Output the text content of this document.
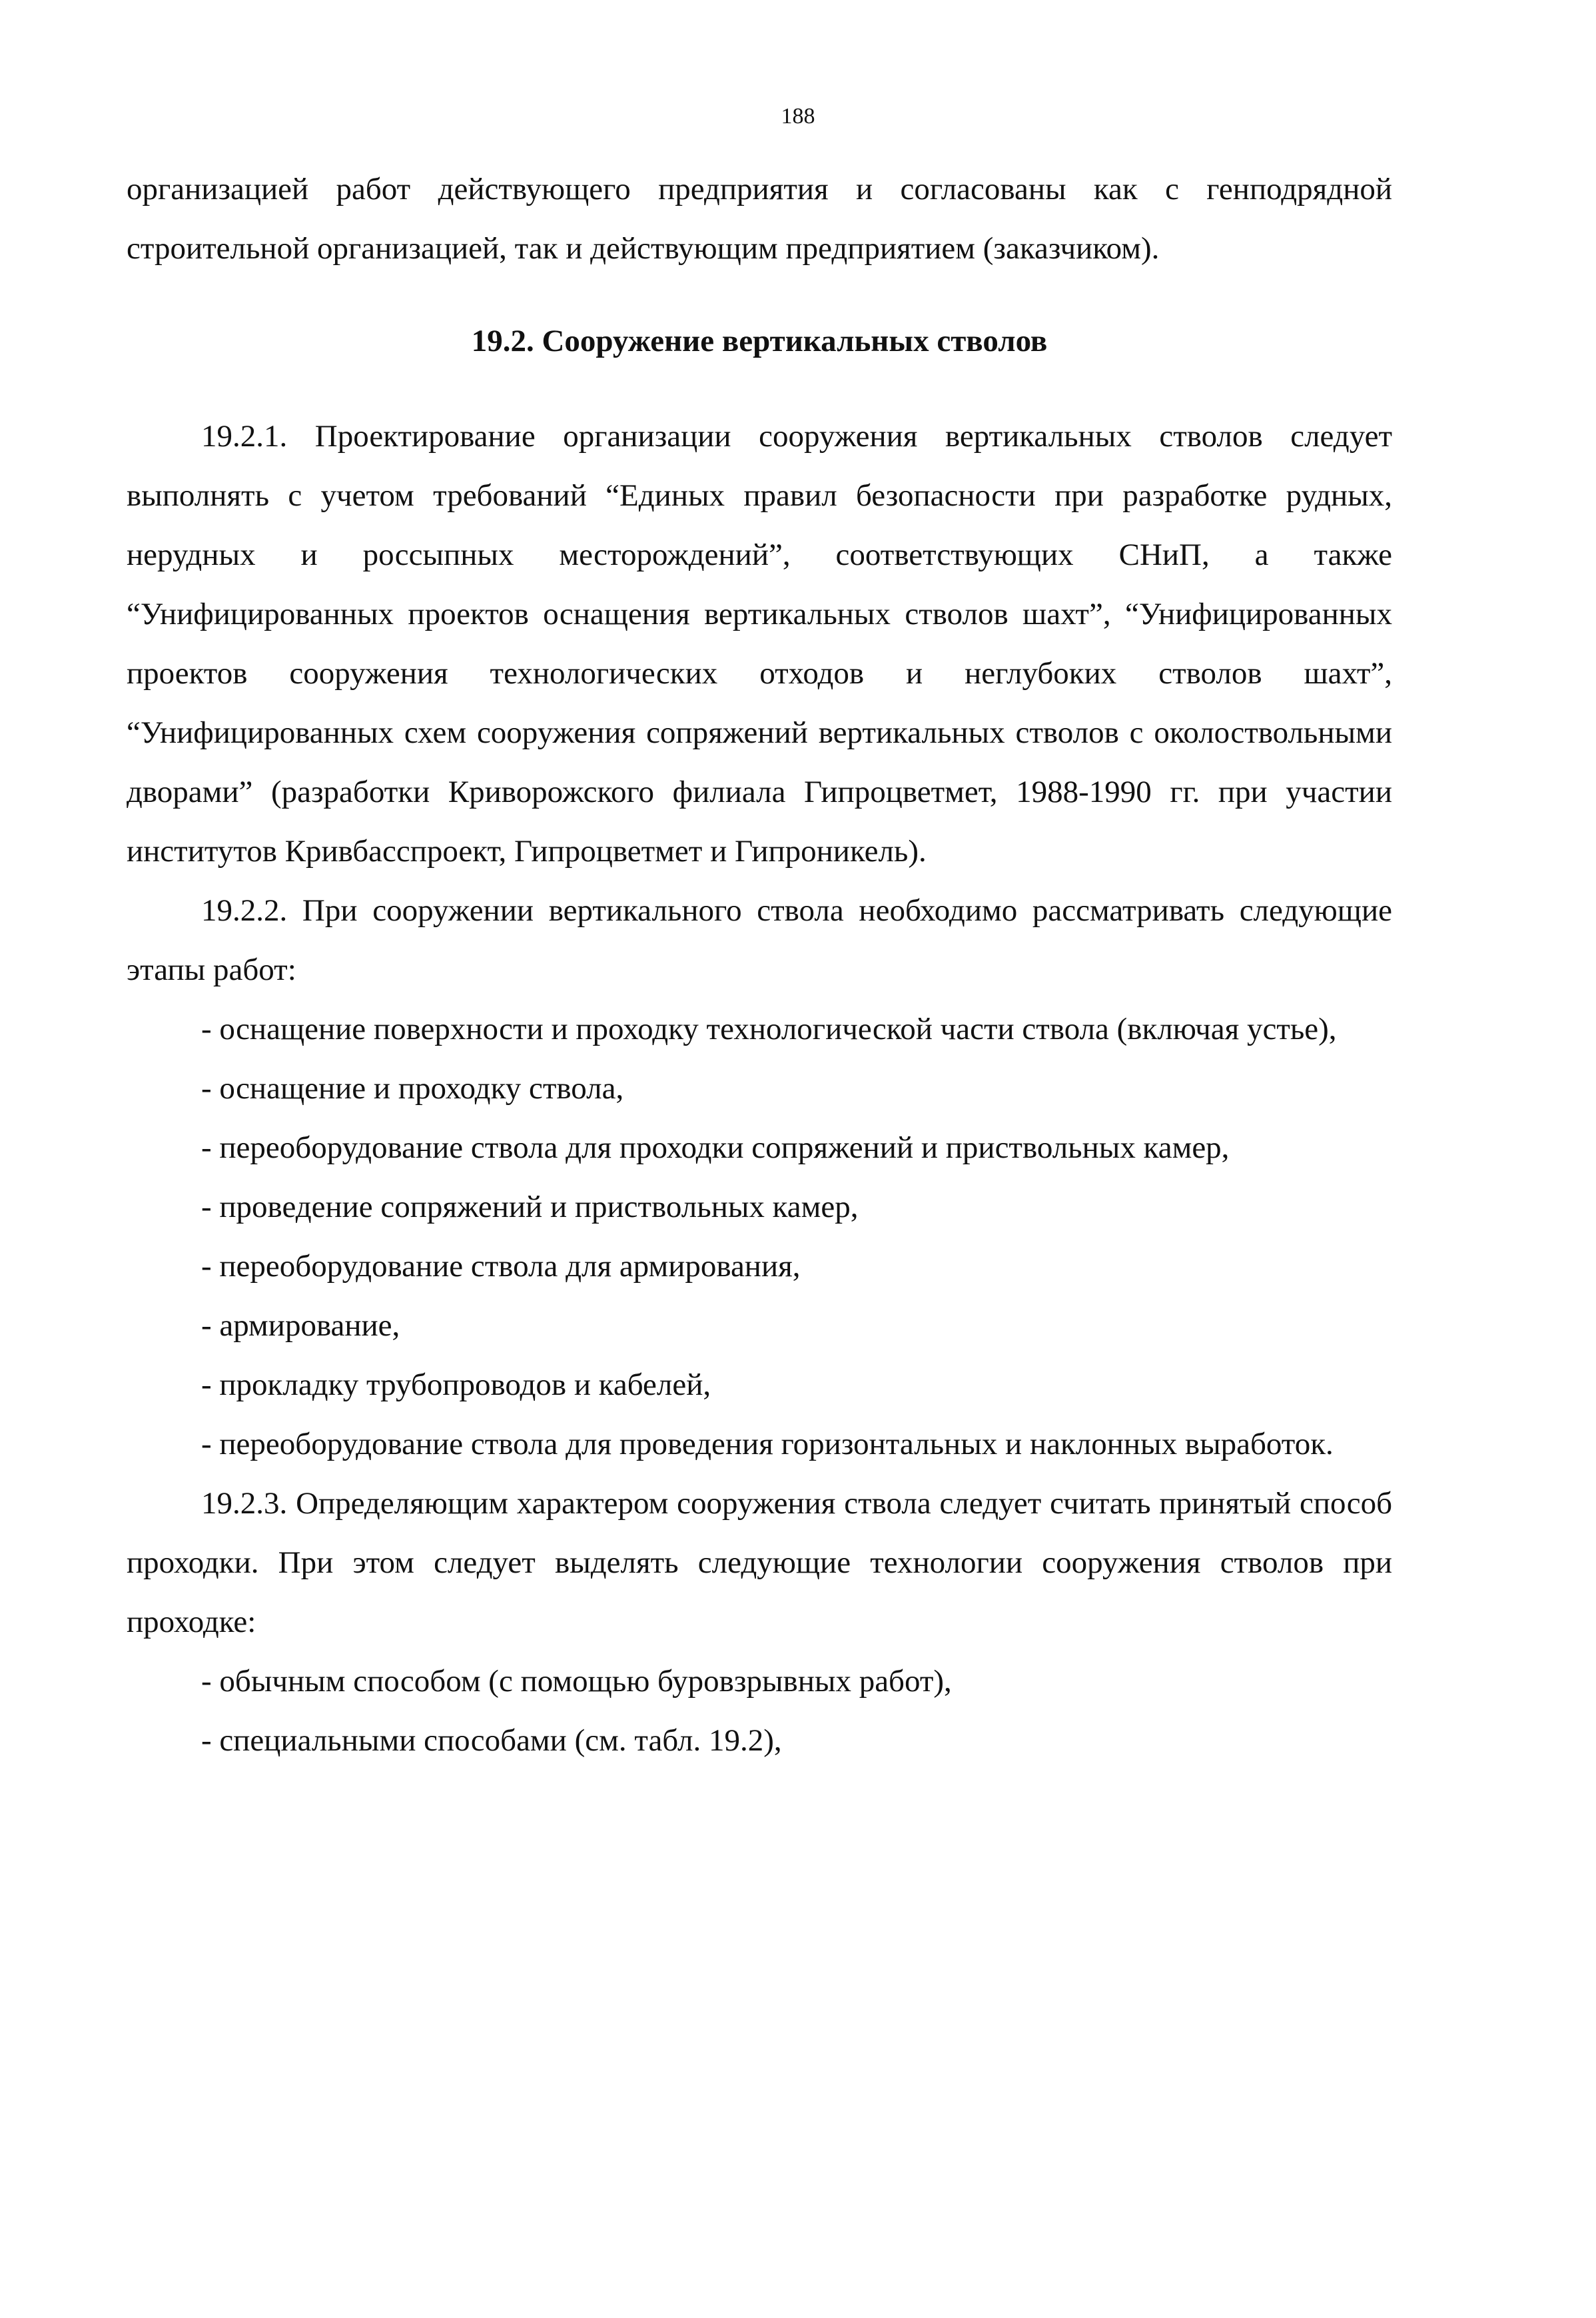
188

организацией работ действующего предприятия и согласованы как с генподрядной строительной организацией, так и действующим предприятием (заказчиком).

19.2. Сооружение вертикальных стволов

19.2.1. Проектирование организации сооружения вертикальных стволов следует выполнять с учетом требований “Единых правил безопасности при разработке рудных, нерудных и россыпных месторождений”, соответствующих СНиП, а также “Унифицированных проектов оснащения вертикальных стволов шахт”, “Унифицированных проектов сооружения технологических отходов и неглубоких стволов шахт”, “Унифицированных схем сооружения сопряжений вертикальных стволов с околоствольными дворами” (разработки Криворожского филиала Гипроцветмет, 1988-1990 гг. при участии институтов Кривбасспроект, Гипроцветмет и Гипроникель).

19.2.2. При сооружении вертикального ствола необходимо рассматривать следующие этапы работ:

- оснащение поверхности и проходку технологической части ствола (включая устье),

- оснащение и проходку ствола,

- переоборудование ствола для проходки сопряжений и приствольных камер,

- проведение сопряжений и приствольных камер,

- переоборудование ствола для армирования,

- армирование,

- прокладку трубопроводов и кабелей,

- переоборудование ствола для проведения горизонтальных и наклонных выработок.

19.2.3. Определяющим характером сооружения ствола следует считать принятый способ проходки. При этом следует выделять следующие технологии сооружения стволов при проходке:

- обычным способом (с помощью буровзрывных работ),

- специальными способами (см. табл. 19.2),
